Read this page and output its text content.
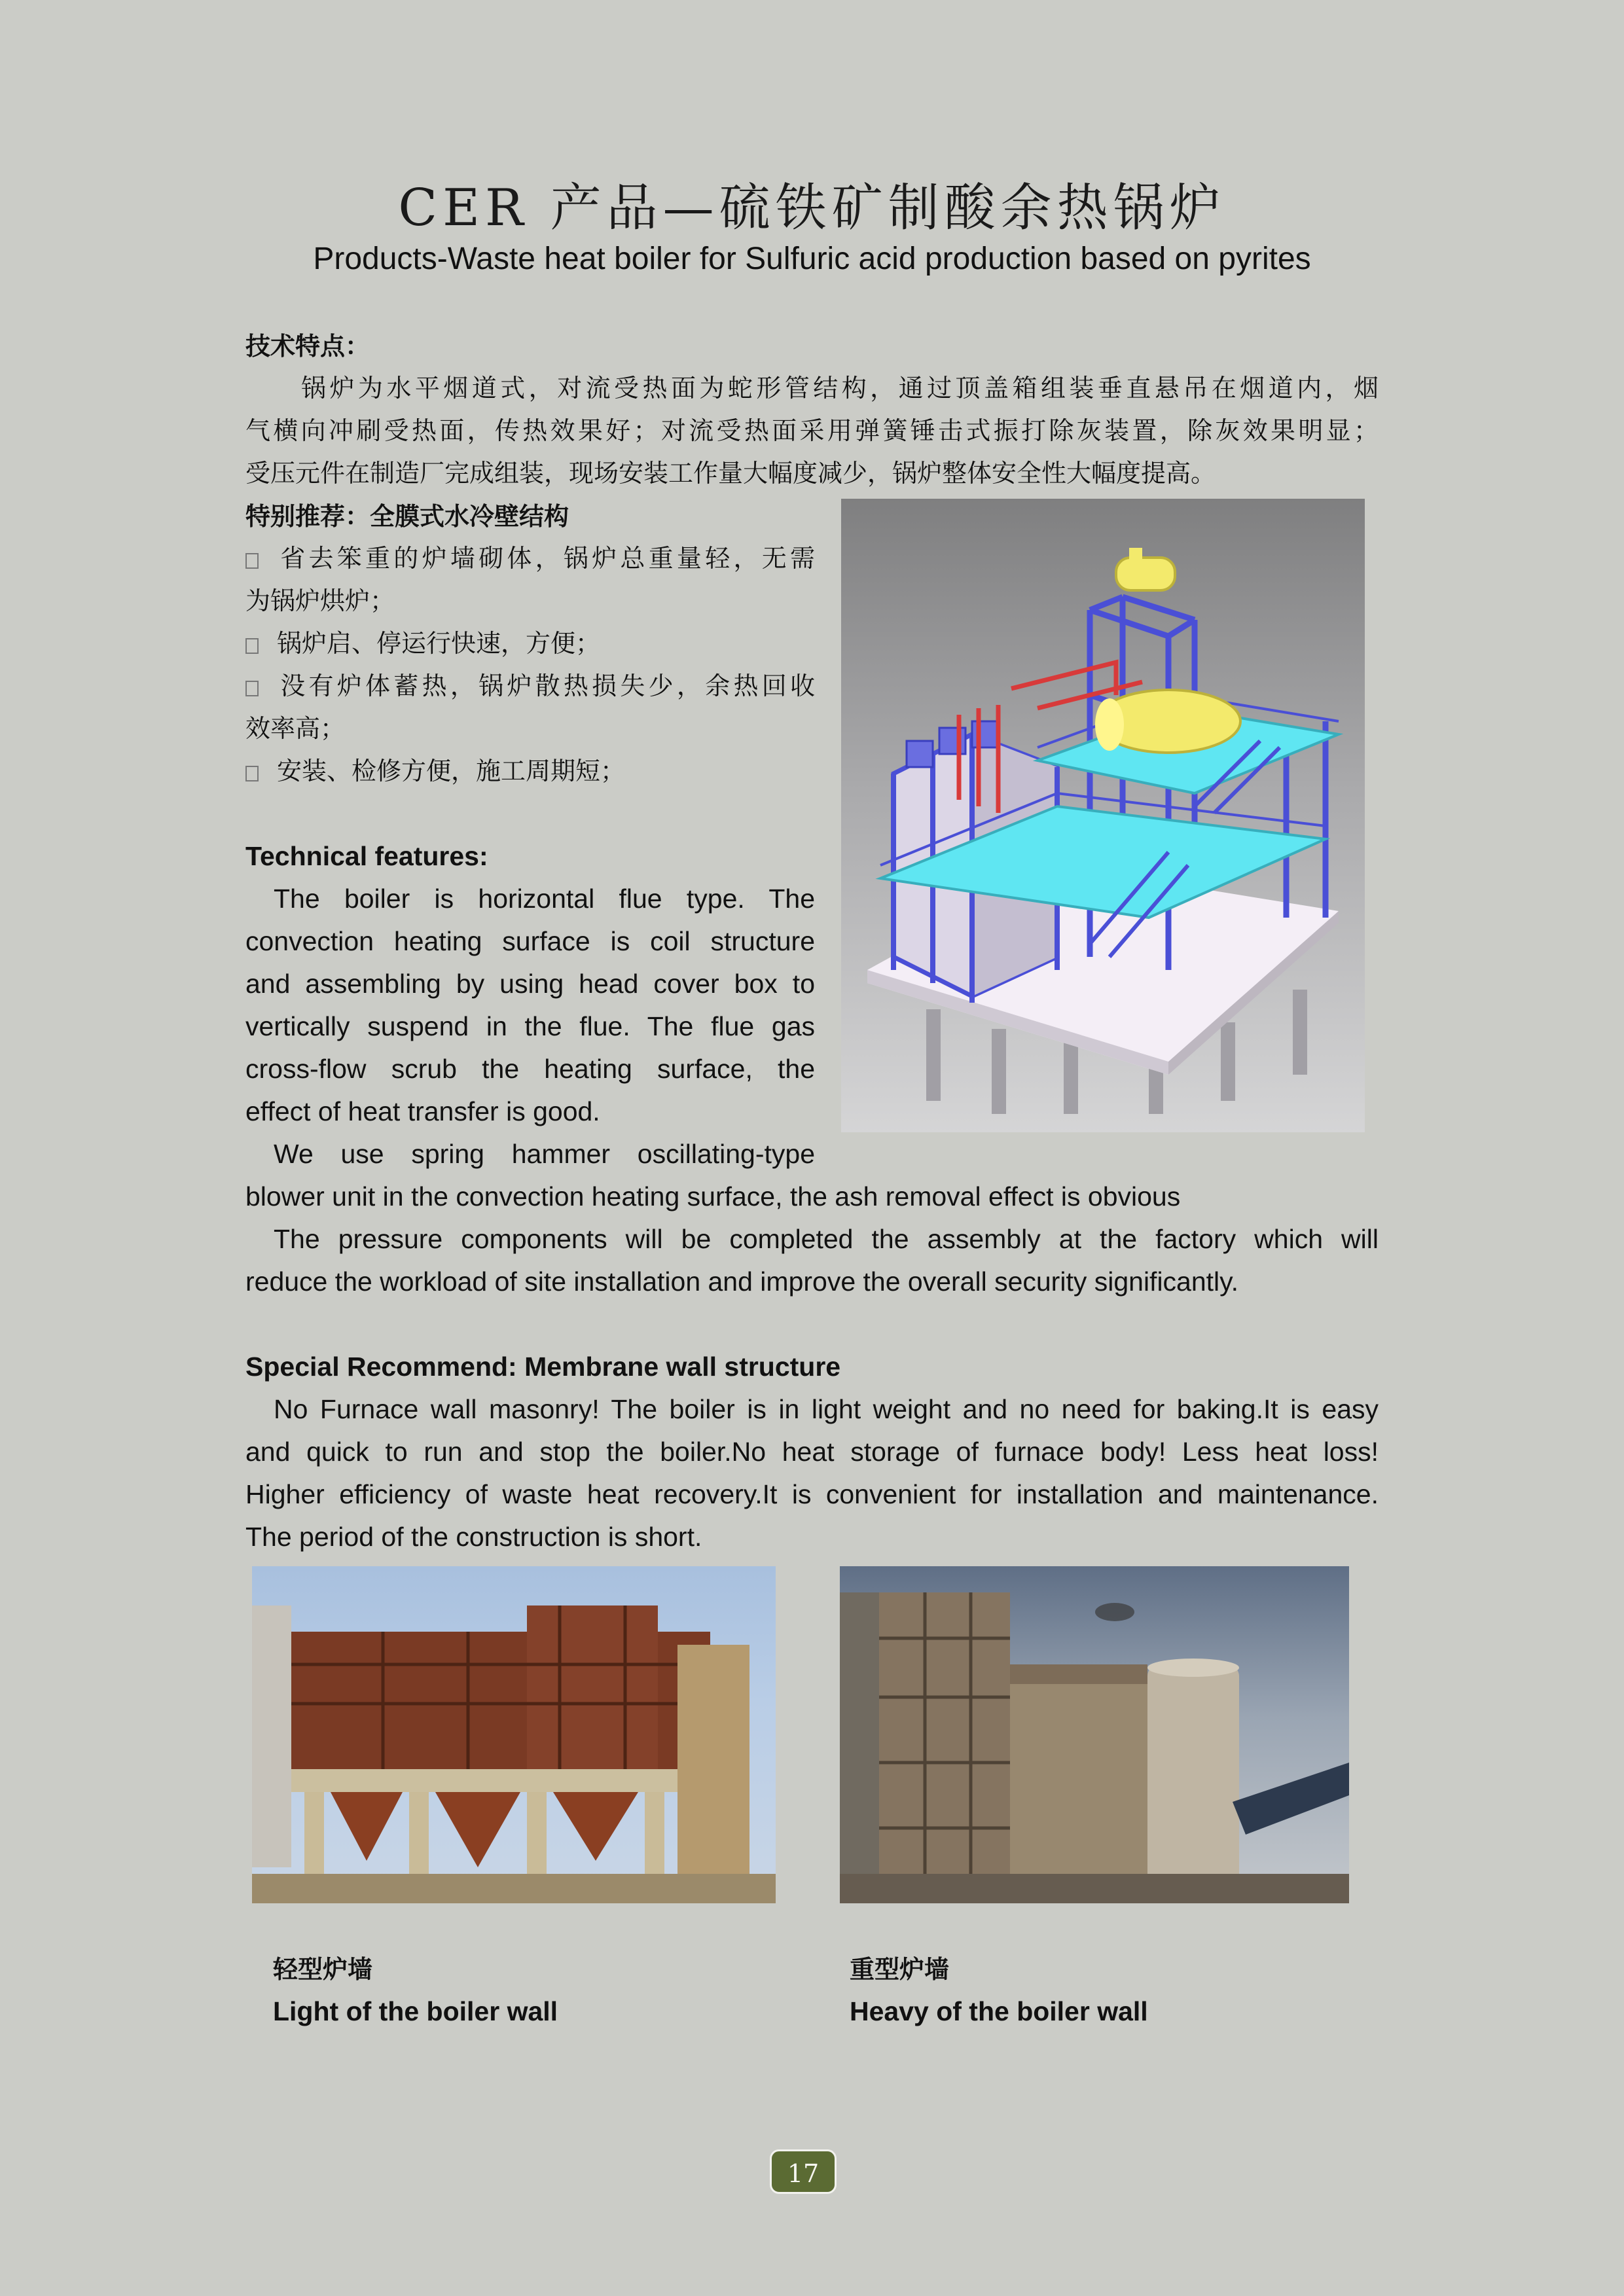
CER 产品—硫铁矿制酸余热锅炉
Products-Waste heat boiler for Sulfuric acid production based on pyrites
技术特点：
锅炉为水平烟道式，对流受热面为蛇形管结构，通过顶盖箱组装垂直悬吊在烟道内，烟
气横向冲刷受热面，传热效果好；对流受热面采用弹簧锤击式振打除灰装置，除灰效果明显；
受压元件在制造厂完成组装，现场安装工作量大幅度减少，锅炉整体安全性大幅度提高。
特别推荐：全膜式水冷壁结构
省去笨重的炉墙砌体，锅炉总重量轻，无需
为锅炉烘炉；
锅炉启、停运行快速，方便；
没有炉体蓄热，锅炉散热损失少，余热回收
效率高；
安装、检修方便，施工周期短；
Technical features:
The boiler is horizontal flue type. The
convection heating surface is coil structure
and assembling by using head cover box to
vertically suspend in the flue. The flue gas
cross-flow scrub the heating surface, the
effect of heat transfer is good.
We use spring hammer oscillating-type
blower unit in the convection heating surface, the ash removal effect is obvious
The pressure components will be completed the assembly at the factory which will
reduce the workload of site installation and improve the overall security significantly.
Special Recommend: Membrane wall structure
No Furnace wall masonry! The boiler is in light weight and no need for baking.It is easy
and quick to run and stop the boiler.No heat storage of furnace body! Less heat loss!
Higher efficiency of waste heat recovery.It is convenient for installation and maintenance.
The period of the construction is short.
轻型炉墙
Light of the boiler wall
重型炉墙
Heavy of the boiler wall
17
